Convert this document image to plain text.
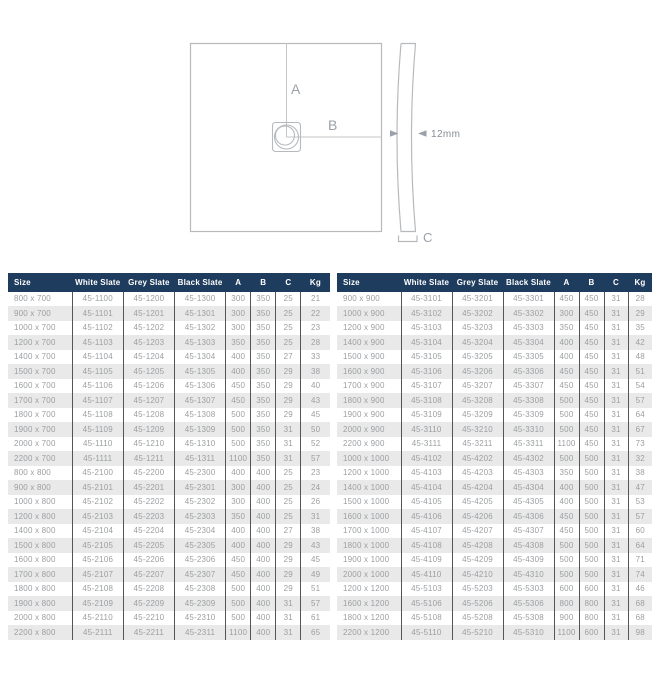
A
B
12mm
C
Size	White Slate	Grey Slate	Black Slate	A	B	C	Kg
800 x 700	45-1100	45-1200	45-1300	300	350	25	21
900 x 700	45-1101	45-1201	45-1301	300	350	25	22
1000 x 700	45-1102	45-1202	45-1302	300	350	25	23
1200 x 700	45-1103	45-1203	45-1303	350	350	25	28
1400 x 700	45-1104	45-1204	45-1304	400	350	27	33
1500 x 700	45-1105	45-1205	45-1305	400	350	29	38
1600 x 700	45-1106	45-1206	45-1306	450	350	29	40
1700 x 700	45-1107	45-1207	45-1307	450	350	29	43
1800 x 700	45-1108	45-1208	45-1308	500	350	29	45
1900 x 700	45-1109	45-1209	45-1309	500	350	31	50
2000 x 700	45-1110	45-1210	45-1310	500	350	31	52
2200 x 700	45-1111	45-1211	45-1311	1100	350	31	57
800 x 800	45-2100	45-2200	45-2300	400	400	25	23
900 x 800	45-2101	45-2201	45-2301	300	400	25	24
1000 x 800	45-2102	45-2202	45-2302	300	400	25	26
1200 x 800	45-2103	45-2203	45-2303	350	400	25	31
1400 x 800	45-2104	45-2204	45-2304	400	400	27	38
1500 x 800	45-2105	45-2205	45-2305	400	400	29	43
1600 x 800	45-2106	45-2206	45-2306	450	400	29	45
1700 x 800	45-2107	45-2207	45-2307	450	400	29	49
1800 x 800	45-2108	45-2208	45-2308	500	400	29	51
1900 x 800	45-2109	45-2209	45-2309	500	400	31	57
2000 x 800	45-2110	45-2210	45-2310	500	400	31	61
2200 x 800	45-2111	45-2211	45-2311	1100	400	31	65
Size	White Slate	Grey Slate	Black Slate	A	B	C	Kg
900 x 900	45-3101	45-3201	45-3301	450	450	31	28
1000 x 900	45-3102	45-3202	45-3302	300	450	31	29
1200 x 900	45-3103	45-3203	45-3303	350	450	31	35
1400 x 900	45-3104	45-3204	45-3304	400	450	31	42
1500 x 900	45-3105	45-3205	45-3305	400	450	31	48
1600 x 900	45-3106	45-3206	45-3306	450	450	31	51
1700 x 900	45-3107	45-3207	45-3307	450	450	31	54
1800 x 900	45-3108	45-3208	45-3308	500	450	31	57
1900 x 900	45-3109	45-3209	45-3309	500	450	31	64
2000 x 900	45-3110	45-3210	45-3310	500	450	31	67
2200 x 900	45-3111	45-3211	45-3311	1100	450	31	73
1000 x 1000	45-4102	45-4202	45-4302	500	500	31	32
1200 x 1000	45-4103	45-4203	45-4303	350	500	31	38
1400 x 1000	45-4104	45-4204	45-4304	400	500	31	47
1500 x 1000	45-4105	45-4205	45-4305	400	500	31	53
1600 x 1000	45-4106	45-4206	45-4306	450	500	31	57
1700 x 1000	45-4107	45-4207	45-4307	450	500	31	60
1800 x 1000	45-4108	45-4208	45-4308	500	500	31	64
1900 x 1000	45-4109	45-4209	45-4309	500	500	31	71
2000 x 1000	45-4110	45-4210	45-4310	500	500	31	74
1200 x 1200	45-5103	45-5203	45-5303	600	600	31	46
1600 x 1200	45-5106	45-5206	45-5306	800	800	31	68
1800 x 1200	45-5108	45-5208	45-5308	900	800	31	68
2200 x 1200	45-5110	45-5210	45-5310	1100	600	31	98
